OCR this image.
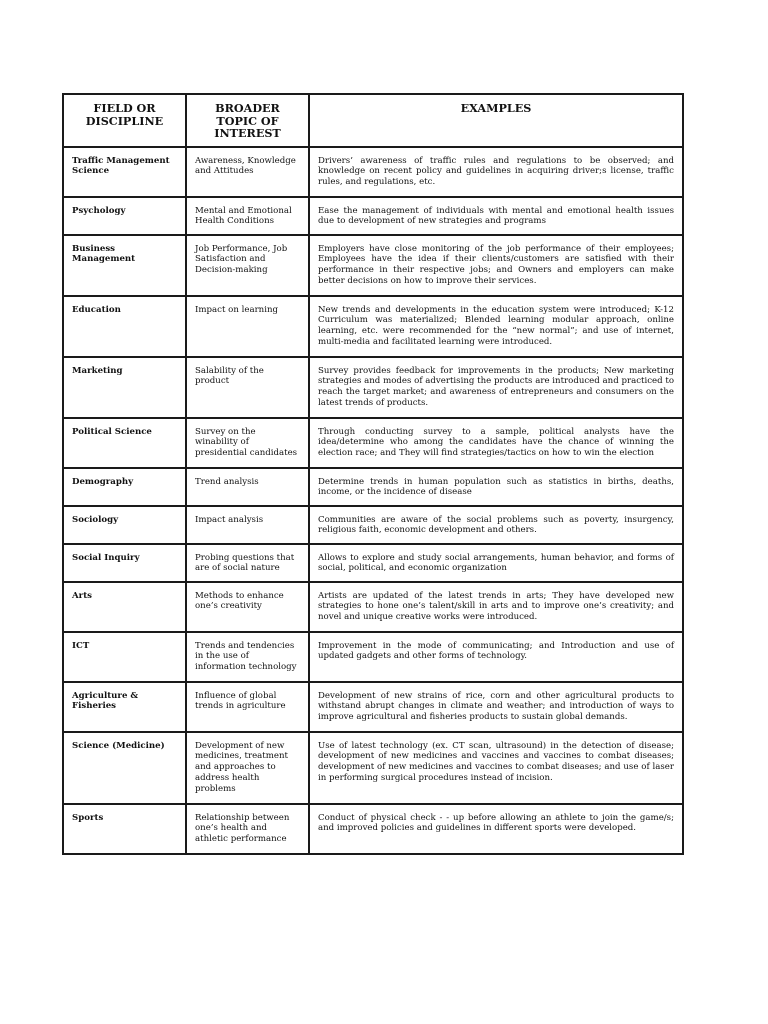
FIELD OR DISCIPLINE	BROADER TOPIC OF INTEREST	EXAMPLES
Traffic Management Science	Awareness, Knowledge and Attitudes	Drivers’ awareness of traffic rules and regulations to be observed; and knowledge on recent policy and guidelines in acquiring driver;s license, traffic rules, and regulations, etc.
Psychology	Mental and Emotional Health Conditions	Ease the management of individuals with mental and emotional health issues due to development of new strategies and programs
Business Management	Job Performance, Job Satisfaction and Decision-making	Employers have close monitoring of the job performance of their employees; Employees have the idea if their clients/customers are satisfied with their performance in their respective jobs; and Owners and employers can make better decisions on how to improve their services.
Education	Impact on learning	New trends and developments in the education system were introduced; K-12 Curriculum was materialized; Blended learning modular approach, online learning, etc. were recommended for the “new normal”; and use of internet, multi-media and facilitated learning were introduced.
Marketing	Salability of the product	Survey provides feedback for improvements in the products; New marketing strategies and modes of advertising the products are introduced and practiced to reach the target market; and awareness of entrepreneurs and consumers on the latest trends of products.
Political Science	Survey on the winability of presidential candidates	Through conducting survey to a sample, political analysts have the idea/determine who among the candidates have the chance of winning the election race; and They will find strategies/tactics on how to win the election
Demography	Trend analysis	Determine trends in human population such as statistics in births, deaths, income, or the incidence of disease
Sociology	Impact analysis	Communities are aware of the social problems such as poverty, insurgency, religious faith, economic development and others.
Social Inquiry	Probing questions that are of social nature	Allows to explore and study social arrangements, human behavior, and forms of social, political, and economic organization
Arts	Methods to enhance one’s creativity	Artists are updated of the latest trends in arts; They have developed new strategies to hone one’s talent/skill in arts and to improve one’s creativity; and novel and unique creative works were introduced.
ICT	Trends and tendencies in the use of information technology	Improvement in the mode of communicating; and Introduction and use of updated gadgets and other forms of technology.
Agriculture & Fisheries	Influence of global trends in agriculture	Development of new strains of rice, corn and other agricultural products to withstand abrupt changes in climate and weather; and introduction of ways to improve agricultural and fisheries products to sustain global demands.
Science (Medicine)	Development of new medicines, treatment and approaches to address health problems	Use of latest technology (ex. CT scan, ultrasound) in the detection of disease; development of new medicines and vaccines and vaccines to combat diseases; development of new medicines and vaccines to combat diseases; and use of laser in performing surgical procedures instead of incision.
Sports	Relationship between one’s health and athletic performance	Conduct of physical check - - up before allowing an athlete to join the game/s; and improved policies and guidelines in different sports were developed.
